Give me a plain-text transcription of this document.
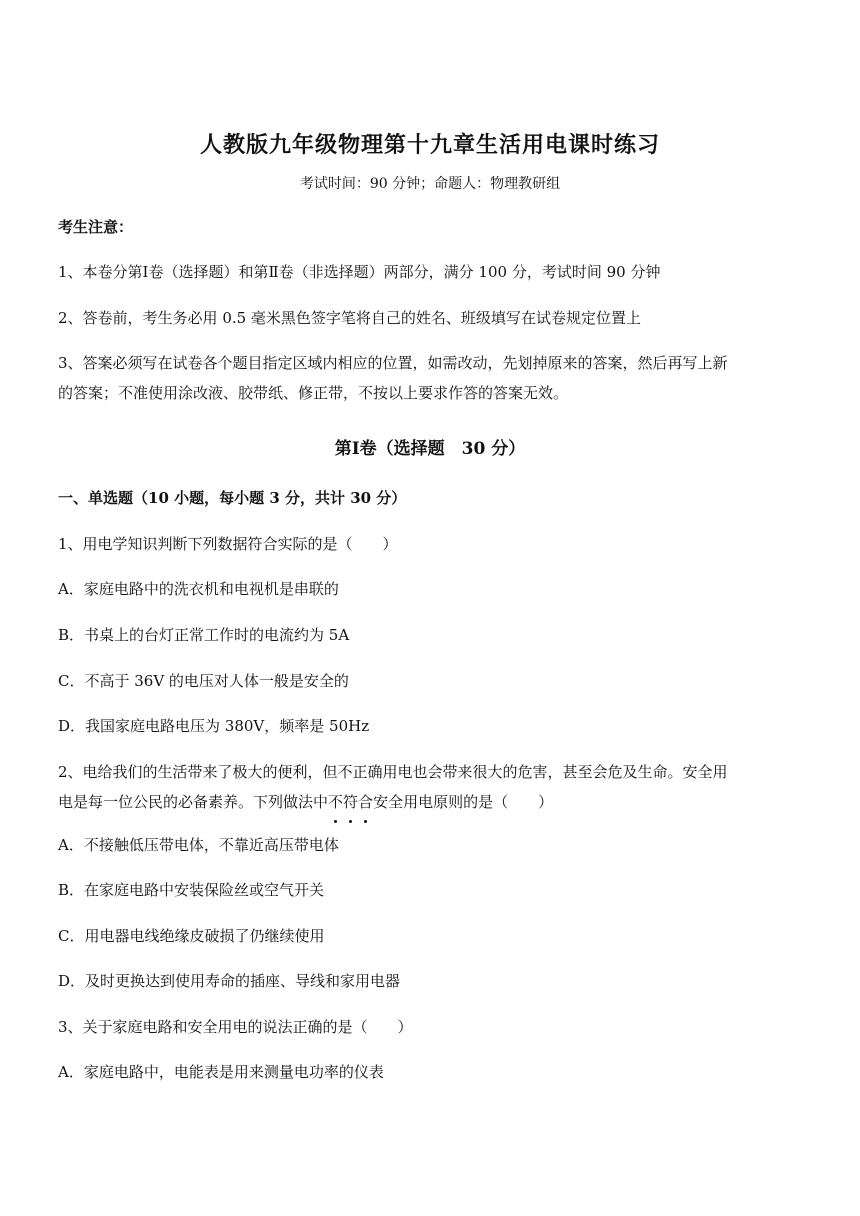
人教版九年级物理第十九章生活用电课时练习
考试时间：90 分钟；命题人：物理教研组
考生注意：
1、本卷分第Ⅰ卷（选择题）和第Ⅱ卷（非选择题）两部分，满分 100 分，考试时间 90 分钟
2、答卷前，考生务必用 0.5 毫米黑色签字笔将自己的姓名、班级填写在试卷规定位置上
3、答案必须写在试卷各个题目指定区域内相应的位置，如需改动，先划掉原来的答案，然后再写上新
的答案；不准使用涂改液、胶带纸、修正带，不按以上要求作答的答案无效。
第Ⅰ卷（选择题　30 分）
一、单选题（10 小题，每小题 3 分，共计 30 分）
1、用电学知识判断下列数据符合实际的是（　　）
A．家庭电路中的洗衣机和电视机是串联的
B．书桌上的台灯正常工作时的电流约为 5A
C．不高于 36V 的电压对人体一般是安全的
D．我国家庭电路电压为 380V，频率是 50Hz
2、电给我们的生活带来了极大的便利，但不正确用电也会带来很大的危害，甚至会危及生命。安全用
电是每一位公民的必备素养。下列做法中不符合安全用电原则的是（　　）
A．不接触低压带电体，不靠近高压带电体
B．在家庭电路中安装保险丝或空气开关
C．用电器电线绝缘皮破损了仍继续使用
D．及时更换达到使用寿命的插座、导线和家用电器
3、关于家庭电路和安全用电的说法正确的是（　　）
A．家庭电路中，电能表是用来测量电功率的仪表
